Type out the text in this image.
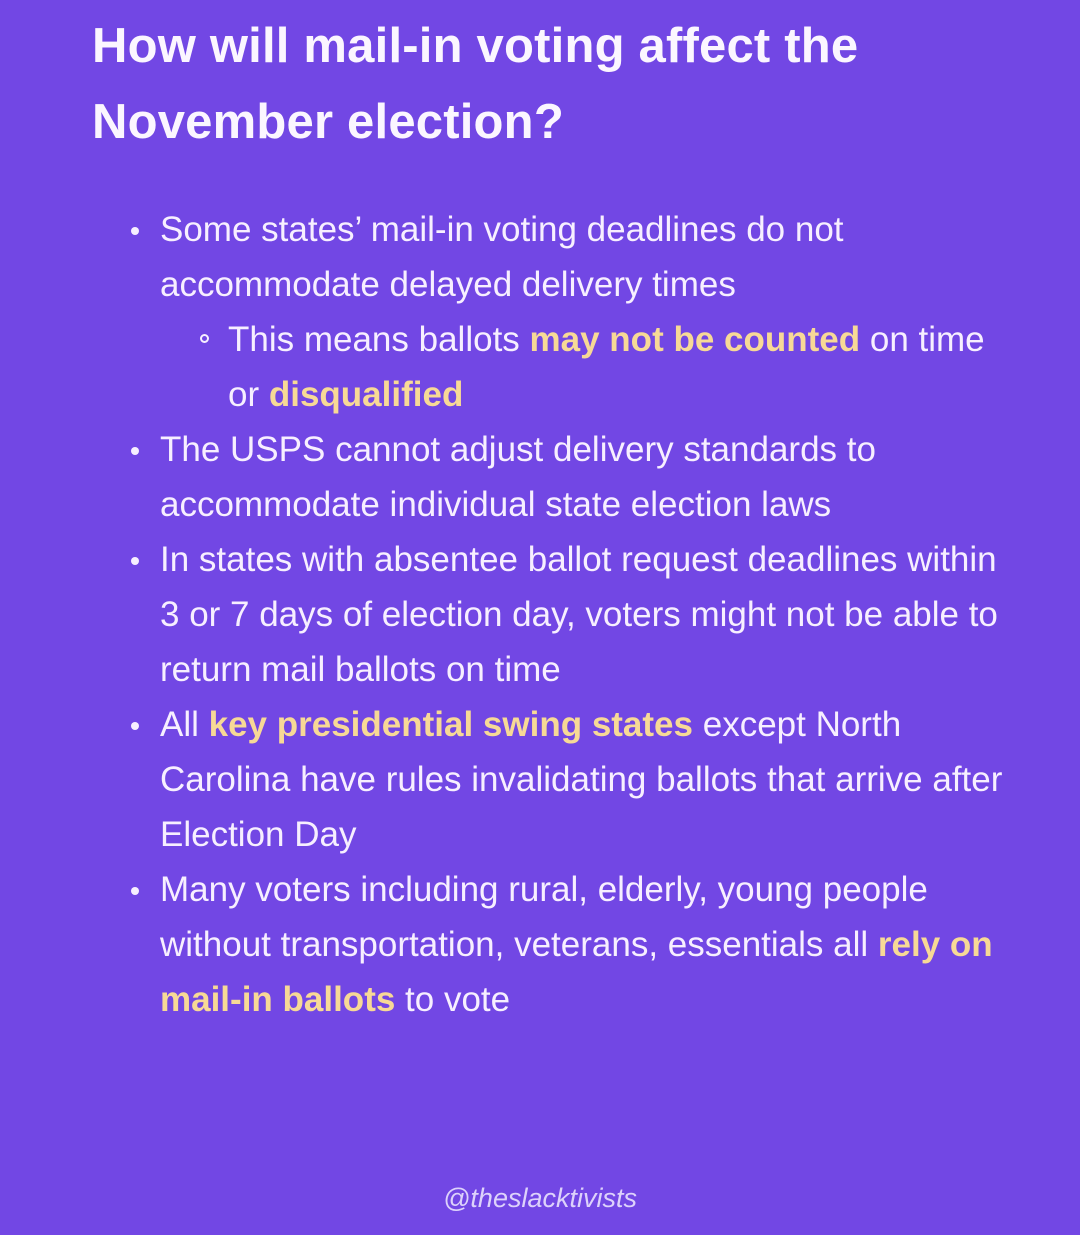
How will mail-in voting affect the November election?
Some states’ mail-in voting deadlines do not accommodate delayed delivery times
This means ballots may not be counted on time or disqualified
The USPS cannot adjust delivery standards to accommodate individual state election laws
In states with absentee ballot request deadlines within 3 or 7 days of election day, voters might not be able to return mail ballots on time
All key presidential swing states except North Carolina have rules invalidating ballots that arrive after Election Day
Many voters including rural, elderly, young people without transportation, veterans, essentials all rely on mail-in ballots to vote
@theslacktivists
